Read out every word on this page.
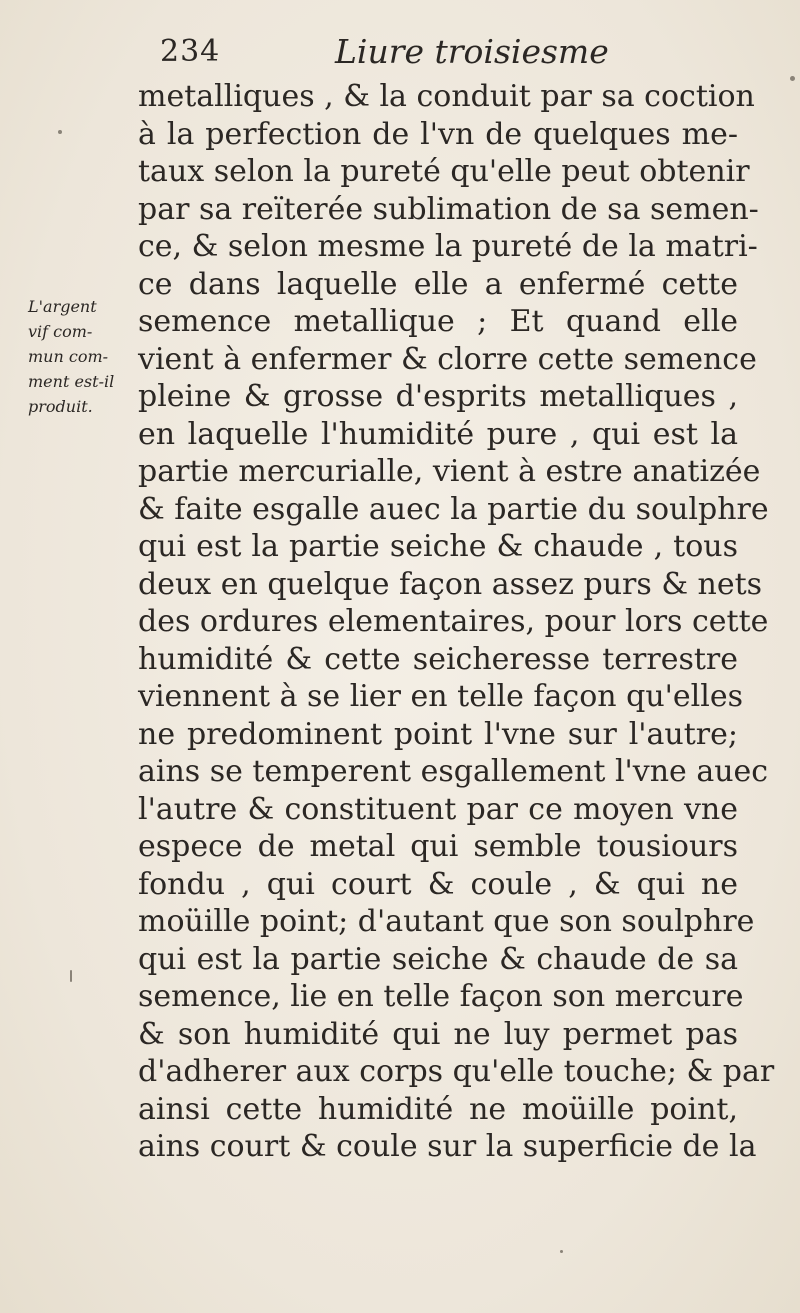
234	Liure troisiesme
L'argent
vif com-
mun com-
ment est-il
produit.
metalliques , & la conduit par sa coction
à la perfection de l'vn de quelques me-
taux selon la pureté qu'elle peut obtenir
par sa reïterée sublimation de sa semen-
ce, & selon mesme la pureté de la matri-
ce dans laquelle elle a enfermé cette
semence metallique ; Et quand elle
vient à enfermer & clorre cette semence
pleine & grosse d'esprits metalliques ,
en laquelle l'humidité pure , qui est la
partie mercurialle, vient à estre anatizée
& faite esgalle auec la partie du soulphre
qui est la partie seiche & chaude , tous
deux en quelque façon assez purs & nets
des ordures elementaires, pour lors cette
humidité & cette seicheresse terrestre
viennent à se lier en telle façon qu'elles
ne predominent point l'vne sur l'autre;
ains se temperent esgallement l'vne auec
l'autre & constituent par ce moyen vne
espece de metal qui semble tousiours
fondu , qui court & coule , & qui ne
moüille point; d'autant que son soulphre
qui est la partie seiche & chaude de sa
semence, lie en telle façon son mercure
& son humidité qui ne luy permet pas
d'adherer aux corps qu'elle touche; & par
ainsi cette humidité ne moüille point,
ains court & coule sur la superficie de la
